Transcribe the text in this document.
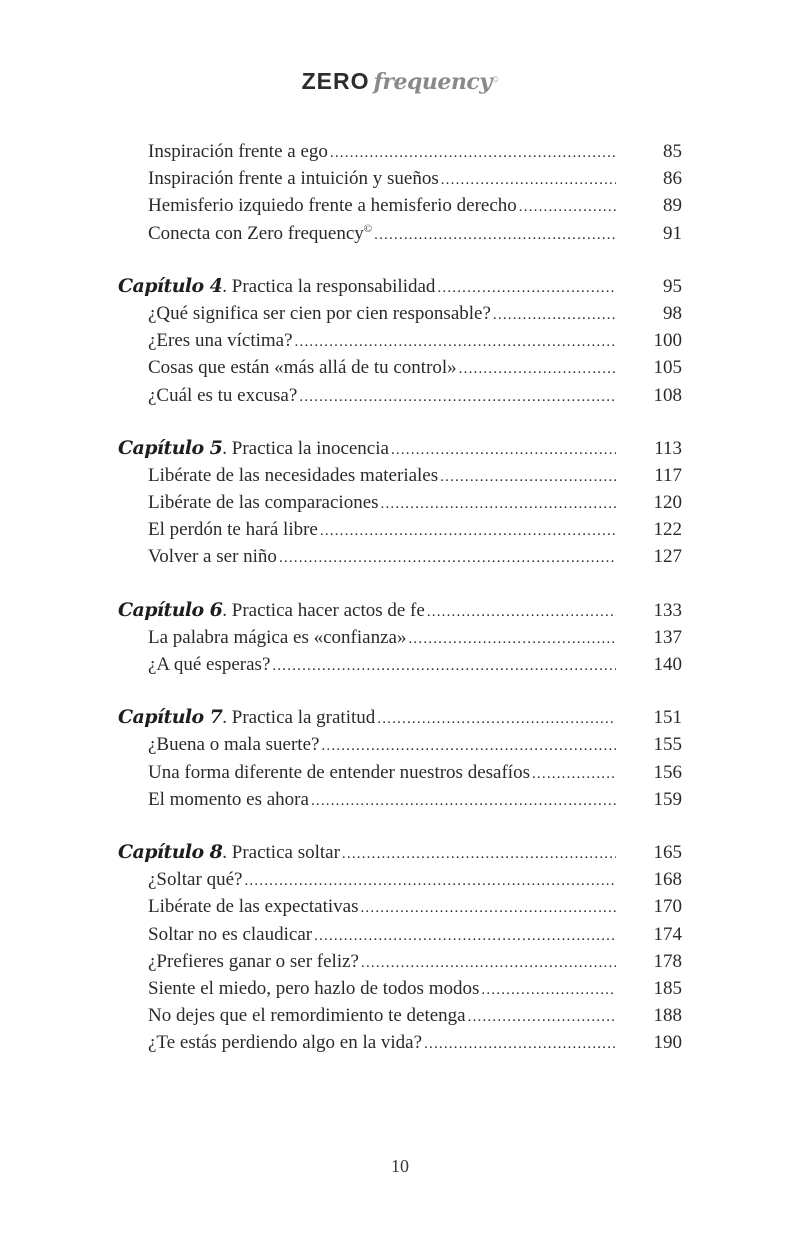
ZERO frequency©
Inspiración frente a ego .....	85
Inspiración frente a intuición y sueños .....	86
Hemisferio izquiedo frente a hemisferio derecho .....	89
Conecta con Zero frequency© .....	91
Capítulo 4. Practica la responsabilidad .....	95
¿Qué significa ser cien por cien responsable? .....	98
¿Eres una víctima? .....	100
Cosas que están «más allá de tu control» .....	105
¿Cuál es tu excusa? .....	108
Capítulo 5. Practica la inocencia .....	113
Libérate de las necesidades materiales .....	117
Libérate de las comparaciones .....	120
El perdón te hará libre .....	122
Volver a ser niño .....	127
Capítulo 6. Practica hacer actos de fe .....	133
La palabra mágica es «confianza» .....	137
¿A qué esperas? .....	140
Capítulo 7. Practica la gratitud .....	151
¿Buena o mala suerte? .....	155
Una forma diferente de entender nuestros desafíos .....	156
El momento es ahora .....	159
Capítulo 8. Practica soltar .....	165
¿Soltar qué? .....	168
Libérate de las expectativas .....	170
Soltar no es claudicar .....	174
¿Prefieres ganar o ser feliz? .....	178
Siente el miedo, pero hazlo de todos modos .....	185
No dejes que el remordimiento te detenga .....	188
¿Te estás perdiendo algo en la vida? .....	190
10
